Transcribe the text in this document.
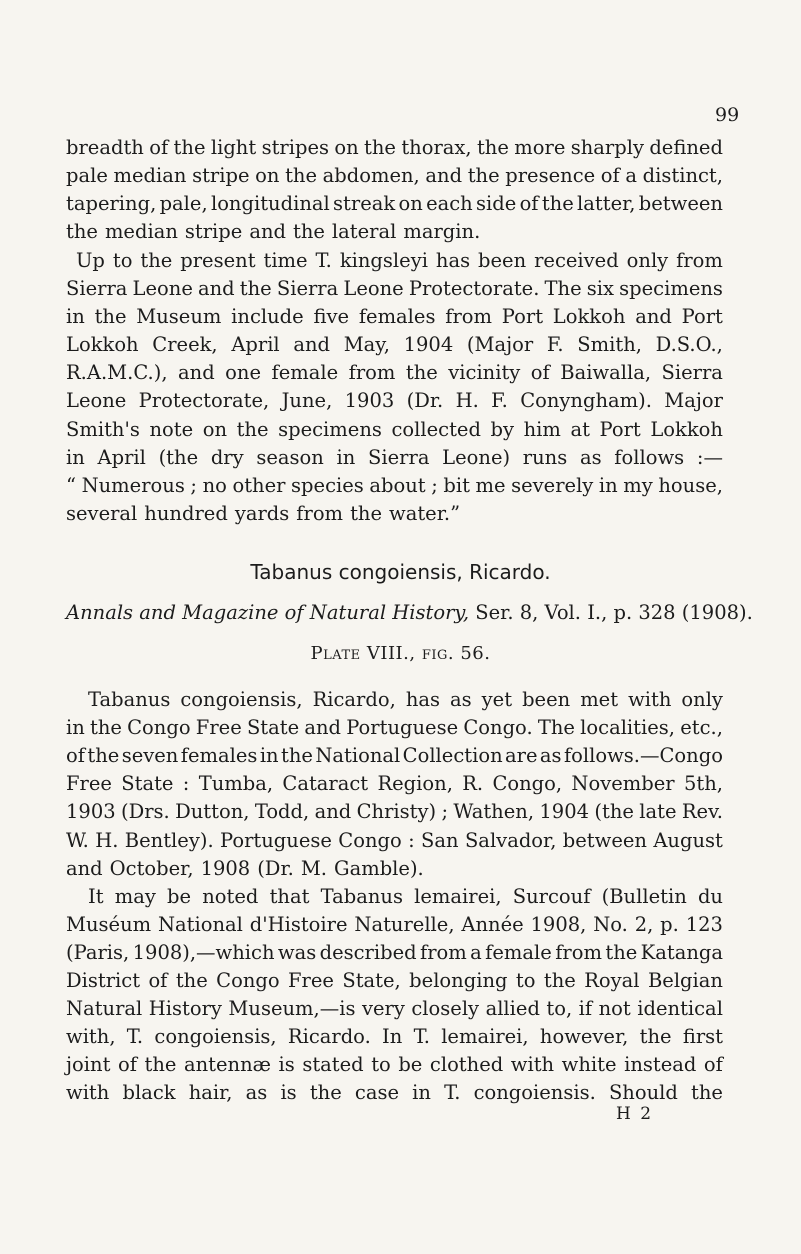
99
breadth of the light stripes on the thorax, the more sharply defined
pale median stripe on the abdomen, and the presence of a distinct,
tapering, pale, longitudinal streak on each side of the latter, between
the median stripe and the lateral margin.
Up to the present time T. kingsleyi has been received only from
Sierra Leone and the Sierra Leone Protectorate. The six specimens
in the Museum include five females from Port Lokkoh and Port
Lokkoh Creek, April and May, 1904 (Major F. Smith, D.S.O.,
R.A.M.C.), and one female from the vicinity of Baiwalla, Sierra
Leone Protectorate, June, 1903 (Dr. H. F. Conyngham). Major
Smith's note on the specimens collected by him at Port Lokkoh
in April (the dry season in Sierra Leone) runs as follows :—
“ Numerous ; no other species about ; bit me severely in my house,
several hundred yards from the water.”
Tabanus congoiensis, Ricardo.
Annals and Magazine of Natural History, Ser. 8, Vol. I., p. 328 (1908).
Plate VIII., fig. 56.
Tabanus congoiensis, Ricardo, has as yet been met with only
in the Congo Free State and Portuguese Congo. The localities, etc.,
of the seven females in the National Collection are as follows.—Congo
Free State : Tumba, Cataract Region, R. Congo, November 5th,
1903 (Drs. Dutton, Todd, and Christy) ; Wathen, 1904 (the late Rev.
W. H. Bentley). Portuguese Congo : San Salvador, between August
and October, 1908 (Dr. M. Gamble).
It may be noted that Tabanus lemairei, Surcouf (Bulletin du
Muséum National d'Histoire Naturelle, Année 1908, No. 2, p. 123
(Paris, 1908),—which was described from a female from the Katanga
District of the Congo Free State, belonging to the Royal Belgian
Natural History Museum,—is very closely allied to, if not identical
with, T. congoiensis, Ricardo. In T. lemairei, however, the first
joint of the antennæ is stated to be clothed with white instead of
with black hair, as is the case in T. congoiensis. Should the
H 2
